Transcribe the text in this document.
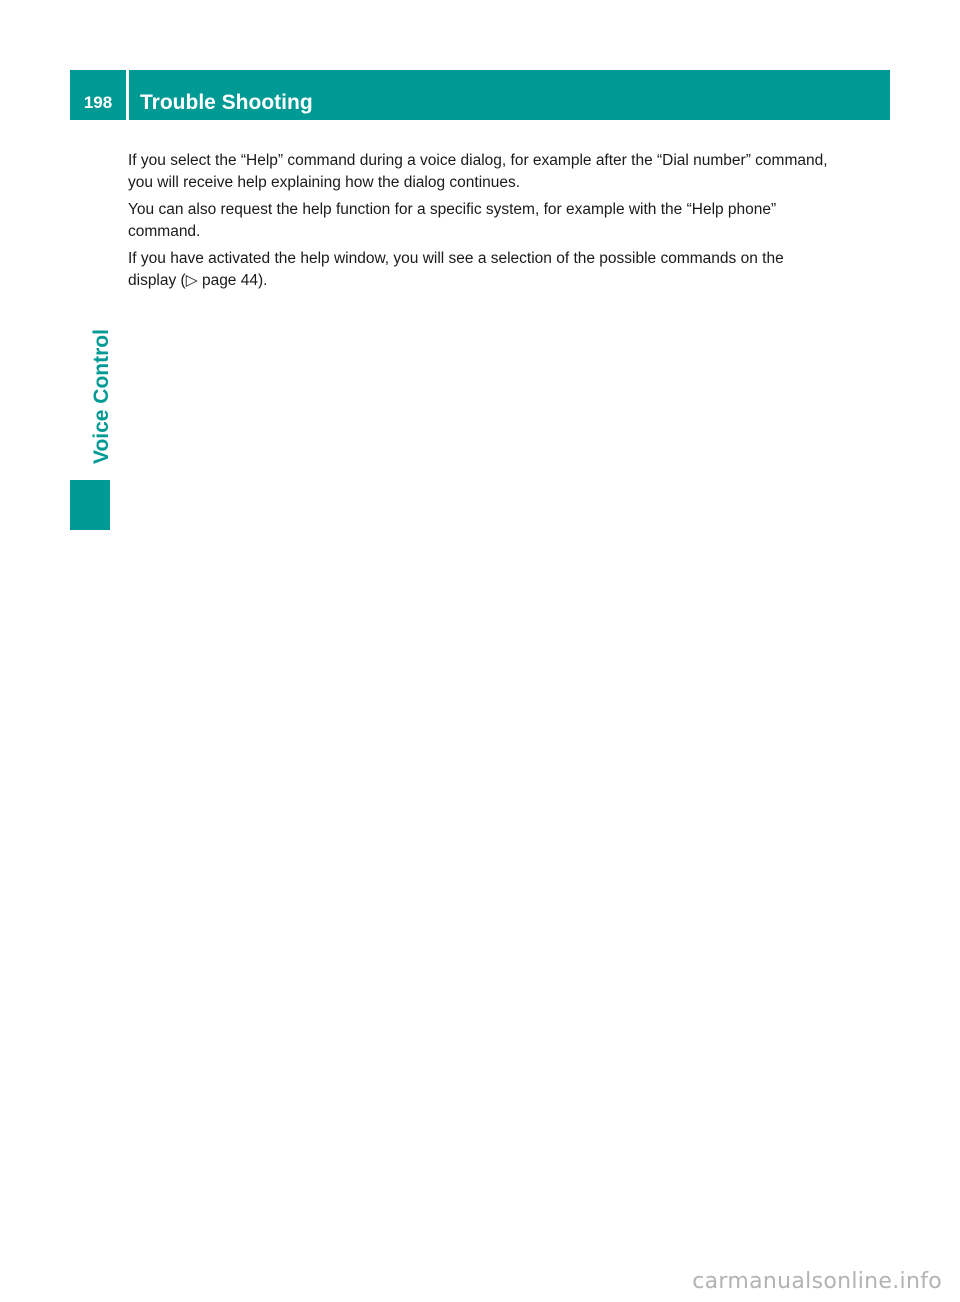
198	Trouble Shooting
Voice Control

If you select the “Help” command during a voice dialog, for example after the “Dial number” command, you will receive help explaining how the dialog continues.

You can also request the help function for a specific system, for example with the “Help phone” command.

If you have activated the help window, you will see a selection of the possible commands on the display (▷ page 44).

carmanualsonline.info
